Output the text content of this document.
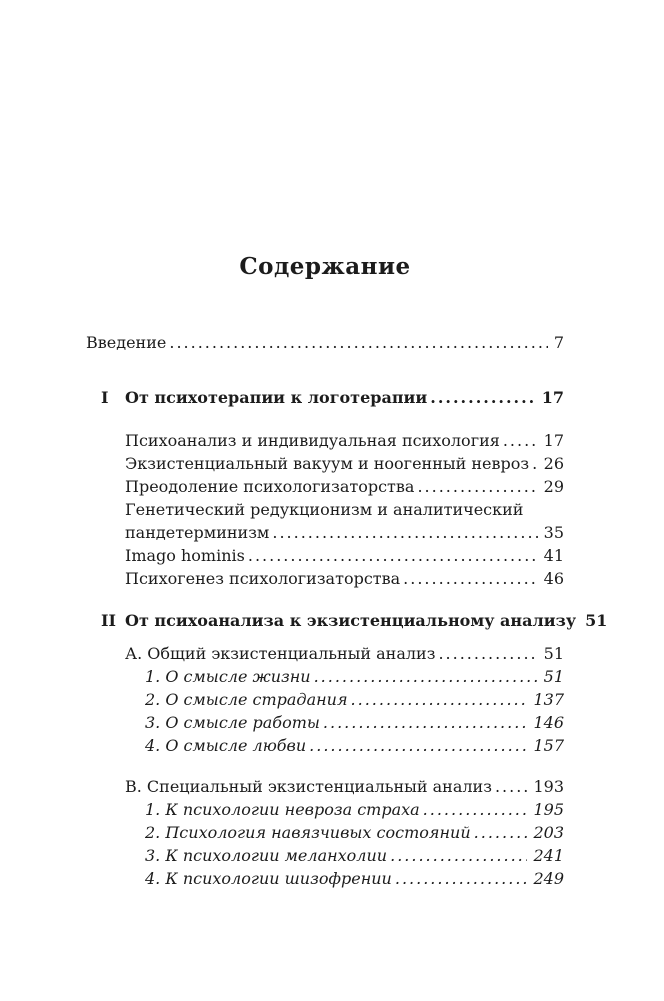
Содержание
Введение .....	7
I	От психотерапии к логотерапии .....	17
Психоанализ и индивидуальная психология .....	17
Экзистенциальный вакуум и ноогенный невроз ..... 26
Преодоление психологизаторства .....	29
Генетический редукционизм и аналитический
пандетерминизм .....	35
Imago hominis .....	41
Психогенез психологизаторства .....	46
II От психоанализа к экзистенциальному анализу 51
А. Общий экзистенциальный анализ .....	51
1. О смысле жизни .....	51
2. О смысле страдания .....	137
3. О смысле работы .....	146
4. О смысле любви .....	157
В. Специальный экзистенциальный анализ .....	193
1. К психологии невроза страха .....	195
2. Психология навязчивых состояний .....	203
3. К психологии меланхолии .....	241
4. К психологии шизофрении .....	249
